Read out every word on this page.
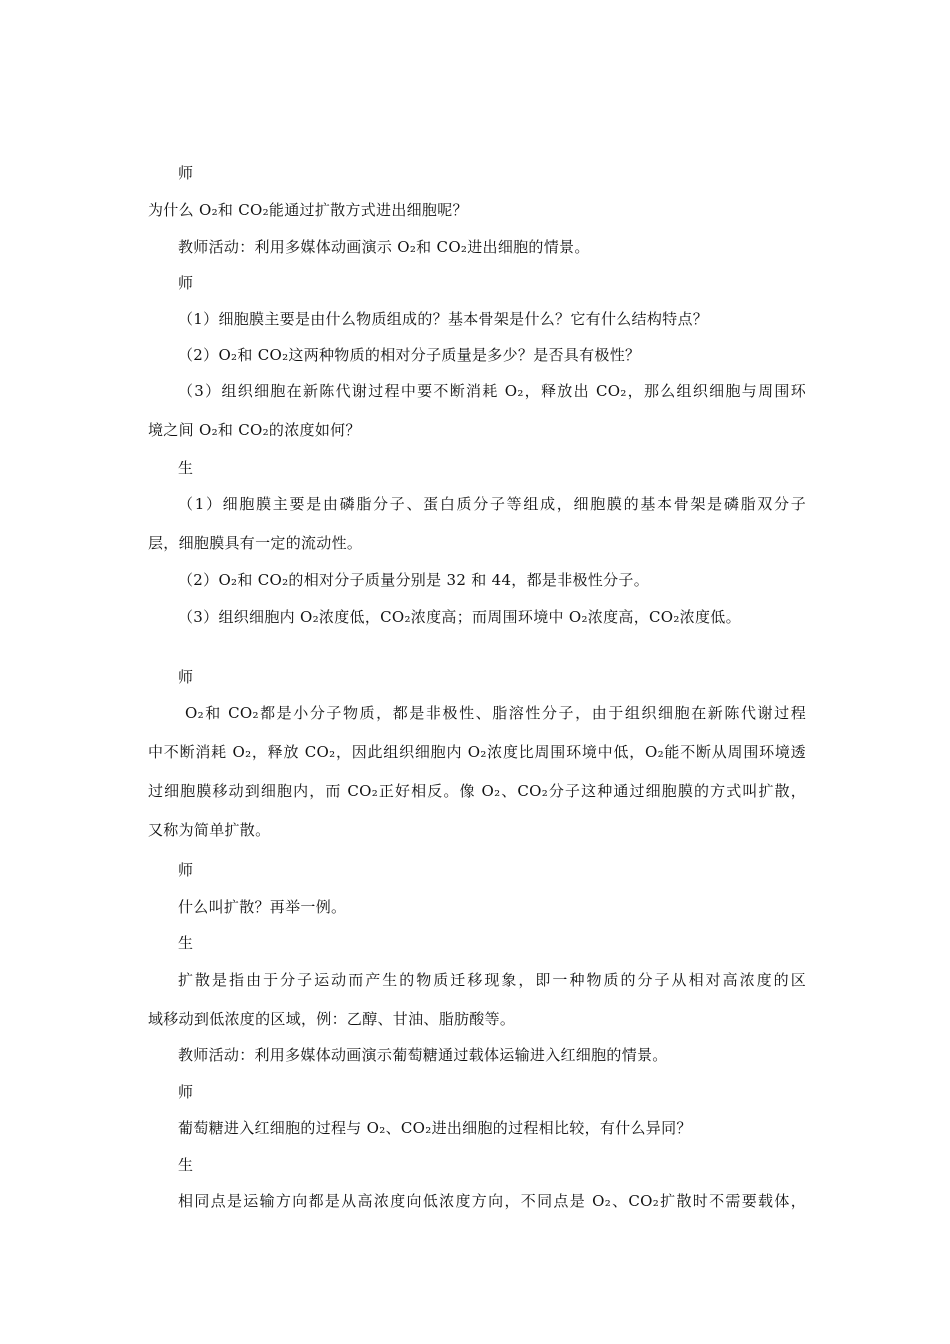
师
为什么 O₂和 CO₂能通过扩散方式进出细胞呢？
教师活动：利用多媒体动画演示 O₂和 CO₂进出细胞的情景。
师
（1）细胞膜主要是由什么物质组成的？基本骨架是什么？它有什么结构特点？
（2）O₂和 CO₂这两种物质的相对分子质量是多少？是否具有极性？
（3）组织细胞在新陈代谢过程中要不断消耗 O₂，释放出 CO₂，那么组织细胞与周围环
境之间 O₂和 CO₂的浓度如何？
生
（1）细胞膜主要是由磷脂分子、蛋白质分子等组成，细胞膜的基本骨架是磷脂双分子
层，细胞膜具有一定的流动性。
（2）O₂和 CO₂的相对分子质量分别是 32 和 44，都是非极性分子。
（3）组织细胞内 O₂浓度低，CO₂浓度高；而周围环境中 O₂浓度高，CO₂浓度低。
师
O₂和 CO₂都是小分子物质，都是非极性、脂溶性分子，由于组织细胞在新陈代谢过程
中不断消耗 O₂，释放 CO₂，因此组织细胞内 O₂浓度比周围环境中低，O₂能不断从周围环境透
过细胞膜移动到细胞内，而 CO₂正好相反。像 O₂、CO₂分子这种通过细胞膜的方式叫扩散，
又称为简单扩散。
师
什么叫扩散？再举一例。
生
扩散是指由于分子运动而产生的物质迁移现象，即一种物质的分子从相对高浓度的区
域移动到低浓度的区域，例：乙醇、甘油、脂肪酸等。
教师活动：利用多媒体动画演示葡萄糖通过载体运输进入红细胞的情景。
师
葡萄糖进入红细胞的过程与 O₂、CO₂进出细胞的过程相比较，有什么异同？
生
相同点是运输方向都是从高浓度向低浓度方向，不同点是 O₂、CO₂扩散时不需要载体，
